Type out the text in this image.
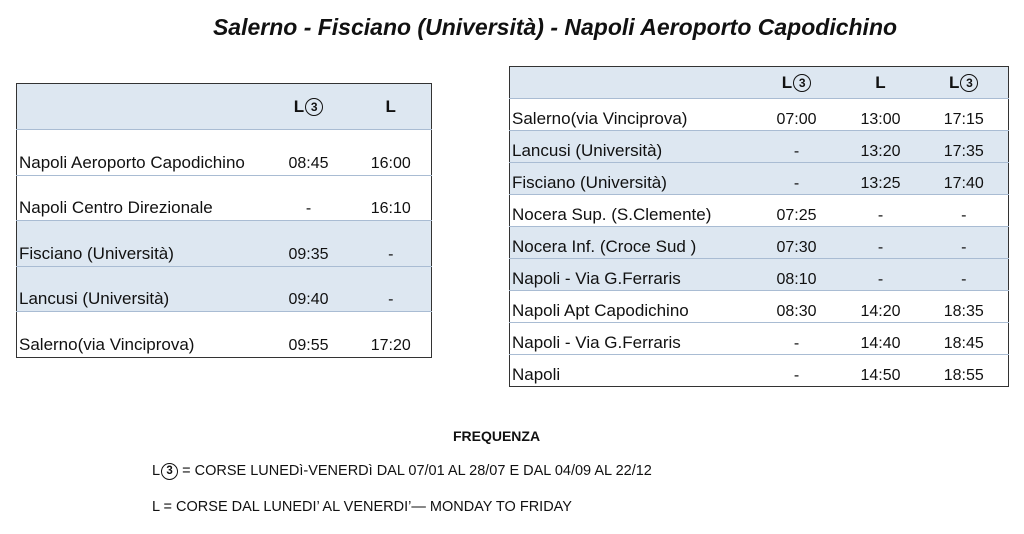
Salerno - Fisciano (Università) - Napoli Aeroporto Capodichino
	L 3	L
Napoli Aeroporto Capodichino	08:45	16:00
Napoli Centro Direzionale	-	16:10
Fisciano (Università)	09:35	-
Lancusi (Università)	09:40	-
Salerno(via Vinciprova)	09:55	17:20
	L 3	L	L 3
Salerno(via Vinciprova)	07:00	13:00	17:15
Lancusi (Università)	-	13:20	17:35
Fisciano (Università)	-	13:25	17:40
Nocera Sup. (S.Clemente)	07:25	-	-
Nocera Inf. (Croce Sud )	07:30	-	-
Napoli - Via G.Ferraris	08:10	-	-
Napoli Apt Capodichino	08:30	14:20	18:35
Napoli - Via G.Ferraris	-	14:40	18:45
Napoli	-	14:50	18:55
FREQUENZA
L 3 = CORSE LUNEDì-VENERDì DAL 07/01 AL 28/07 E DAL 04/09 AL 22/12
L = CORSE DAL LUNEDI’ AL VENERDI’— MONDAY TO FRIDAY
